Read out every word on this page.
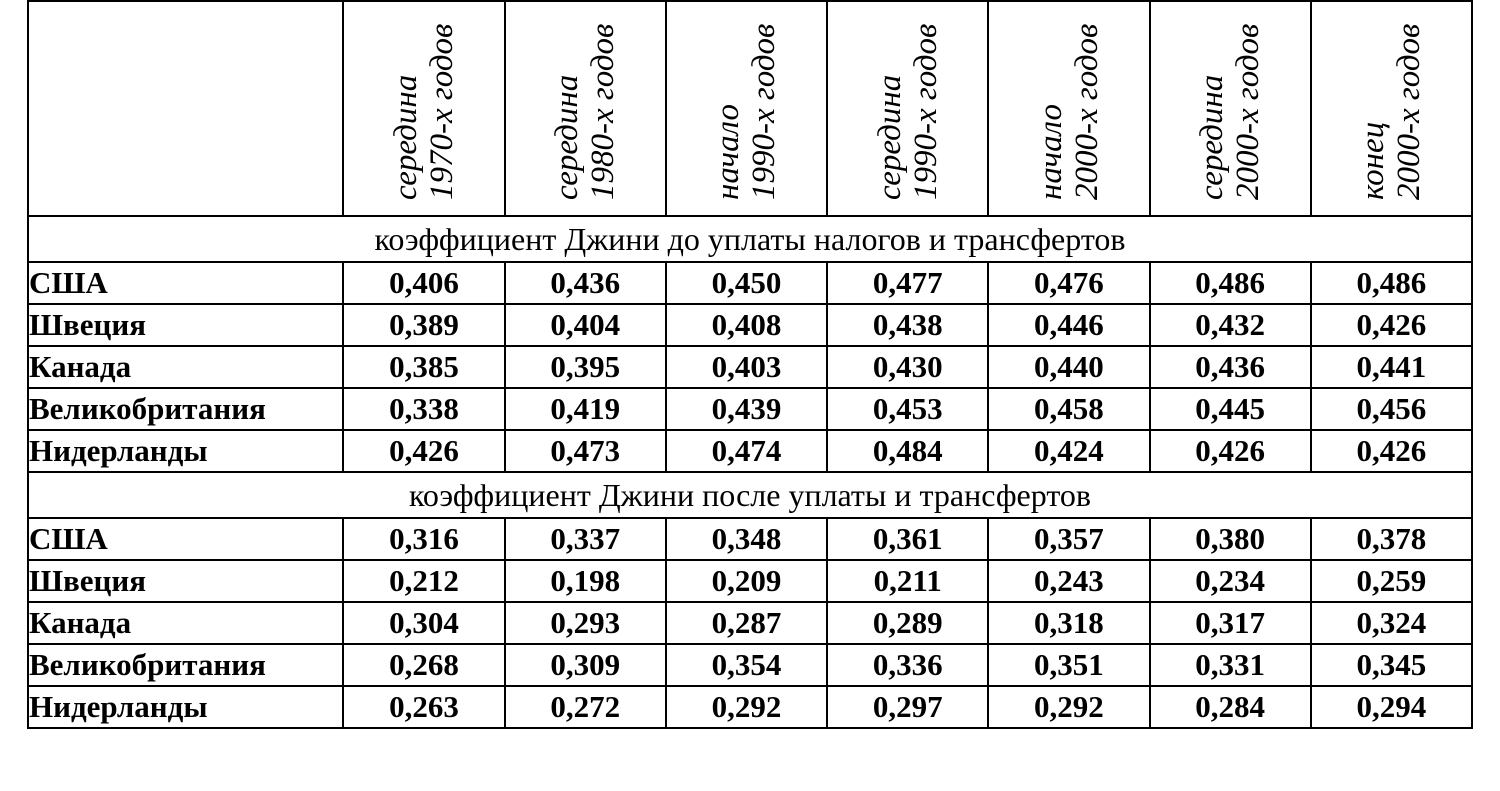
	середина 1970-х годов	середина 1980-х годов	начало 1990-х годов	середина 1990-х годов	начало 2000-х годов	середина 2000-х годов	конец 2000-х годов

коэффициент Джини до уплаты налогов и трансфертов							
США	0,406	0,436	0,450	0,477	0,476	0,486	0,486
Швеция	0,389	0,404	0,408	0,438	0,446	0,432	0,426
Канада	0,385	0,395	0,403	0,430	0,440	0,436	0,441
Великобритания	0,338	0,419	0,439	0,453	0,458	0,445	0,456
Нидерланды	0,426	0,473	0,474	0,484	0,424	0,426	0,426
коэффициент Джини после уплаты и трансфертов							
США	0,316	0,337	0,348	0,361	0,357	0,380	0,378
Швеция	0,212	0,198	0,209	0,211	0,243	0,234	0,259
Канада	0,304	0,293	0,287	0,289	0,318	0,317	0,324
Великобритания	0,268	0,309	0,354	0,336	0,351	0,331	0,345
Нидерланды	0,263	0,272	0,292	0,297	0,292	0,284	0,294
